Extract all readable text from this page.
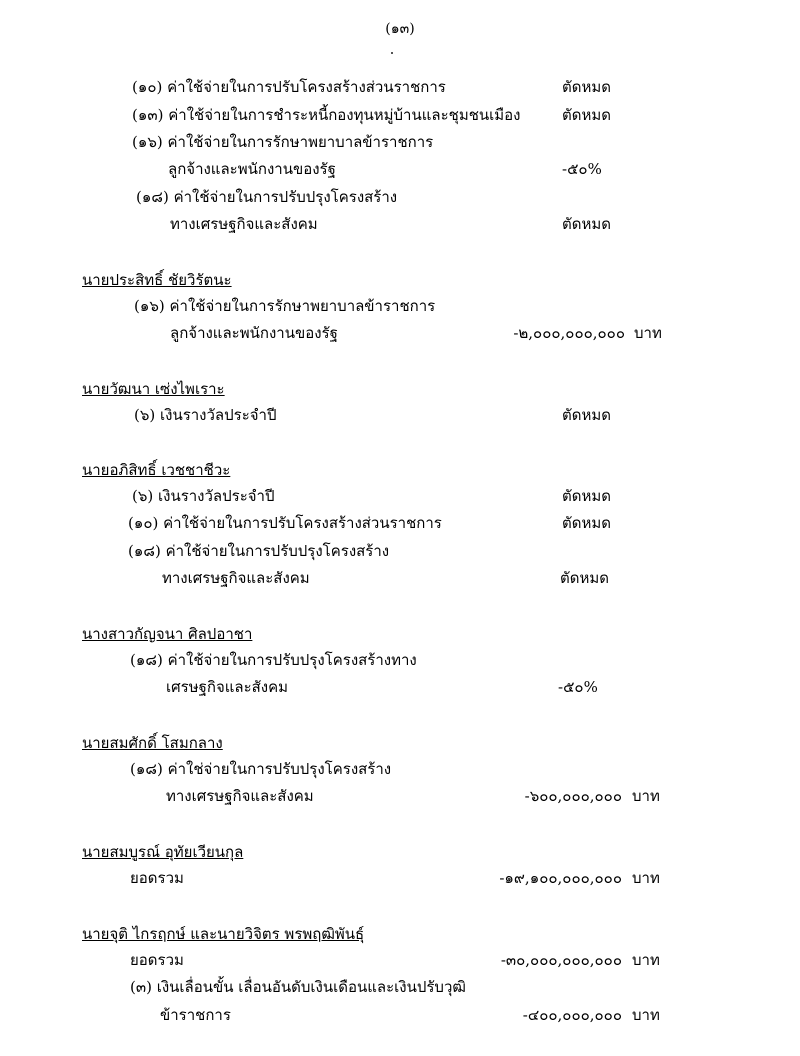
(๑๓)
(๑๐) ค่าใช้จ่ายในการปรับโครงสร้างส่วนราชการ	ตัดหมด
(๑๓) ค่าใช้จ่ายในการชำระหนี้กองทุนหมู่บ้านและชุมชนเมือง	ตัดหมด
(๑๖) ค่าใช้จ่ายในการรักษาพยาบาลข้าราชการ
ลูกจ้างและพนักงานของรัฐ	-๕๐%
(๑๘) ค่าใช้จ่ายในการปรับปรุงโครงสร้าง
ทางเศรษฐกิจและสังคม	ตัดหมด
นายประสิทธิ์ ชัยวิรัตนะ
(๑๖) ค่าใช้จ่ายในการรักษาพยาบาลข้าราชการ
ลูกจ้างและพนักงานของรัฐ	-๒,๐๐๐,๐๐๐,๐๐๐ บาท
นายวัฒนา เซ่งไพเราะ
(๖) เงินรางวัลประจำปี	ตัดหมด
นายอภิสิทธิ์ เวชชาชีวะ
(๖) เงินรางวัลประจำปี	ตัดหมด
(๑๐) ค่าใช้จ่ายในการปรับโครงสร้างส่วนราชการ	ตัดหมด
(๑๘) ค่าใช้จ่ายในการปรับปรุงโครงสร้าง
ทางเศรษฐกิจและสังคม	ตัดหมด
นางสาวกัญจนา ศิลปอาชา
(๑๘) ค่าใช้จ่ายในการปรับปรุงโครงสร้างทาง
เศรษฐกิจและสังคม	-๕๐%
นายสมศักดิ์ โสมกลาง
(๑๘) ค่าใช่จ่ายในการปรับปรุงโครงสร้าง
ทางเศรษฐกิจและสังคม	-๖๐๐,๐๐๐,๐๐๐ บาท
นายสมบูรณ์ อุทัยเวียนกุล
ยอดรวม	-๑๙,๑๐๐,๐๐๐,๐๐๐ บาท
นายจุติ ไกรฤกษ์ และนายวิจิตร พรพฤฒิพันธุ์
ยอดรวม	-๓๐,๐๐๐,๐๐๐,๐๐๐ บาท
(๓) เงินเลื่อนขั้น เลื่อนอันดับเงินเดือนและเงินปรับวุฒิ
ข้าราชการ	-๔๐๐,๐๐๐,๐๐๐ บาท
